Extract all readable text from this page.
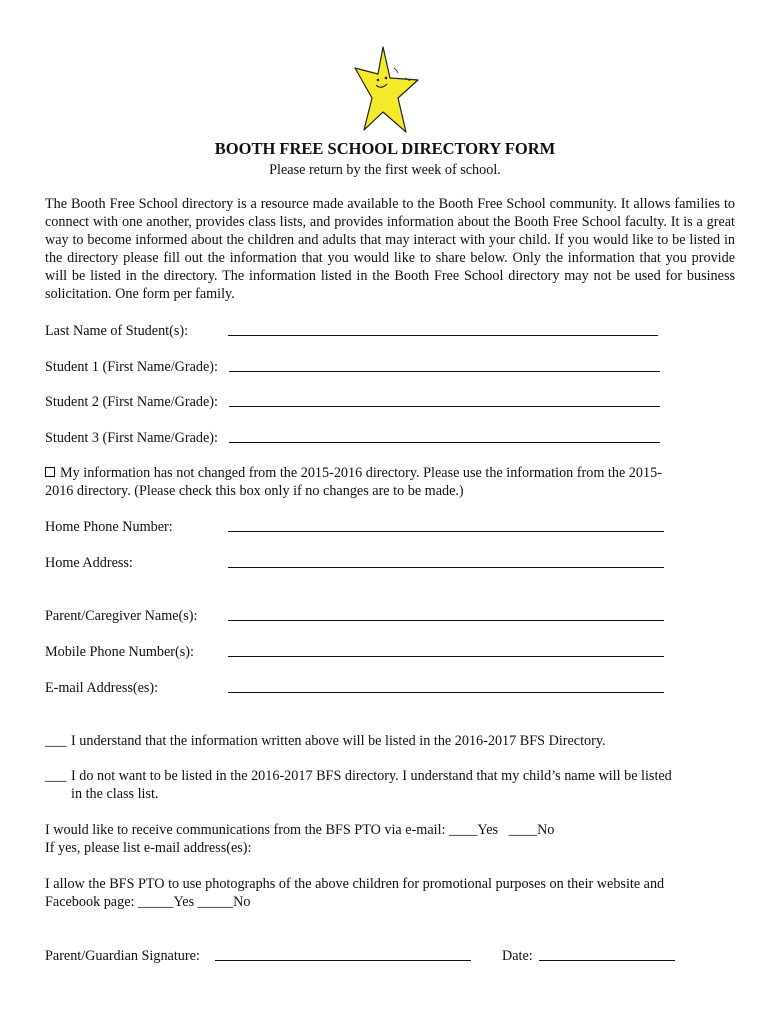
BOOTH FREE SCHOOL DIRECTORY FORM
Please return by the first week of school.

The Booth Free School directory is a resource made available to the Booth Free School community. It allows families to connect with one another, provides class lists, and provides information about the Booth Free School faculty. It is a great way to become informed about the children and adults that may interact with your child. If you would like to be listed in the directory please fill out the information that you would like to share below. Only the information that you provide will be listed in the directory. The information listed in the Booth Free School directory may not be used for business solicitation. One form per family.

Last Name of Student(s):
Student 1 (First Name/Grade):
Student 2 (First Name/Grade):
Student 3 (First Name/Grade):

My information has not changed from the 2015-2016 directory. Please use the information from the 2015-

2016 directory. (Please check this box only if no changes are to be made.)

Home Phone Number:
Home Address:
Parent/Caregiver Name(s):
Mobile Phone Number(s):
E-mail Address(es):
___ I understand that the information written above will be listed in the 2016-2017 BFS Directory.
___ I do not want to be listed in the 2016-2017 BFS directory. I understand that my child’s name will be listed
in the class list.

I would like to receive communications from the BFS PTO via e-mail: ____Yes ____No

If yes, please list e-mail address(es):

I allow the BFS PTO to use photographs of the above children for promotional purposes on their website and

Facebook page: _____Yes _____No

Parent/Guardian Signature:	Date:
